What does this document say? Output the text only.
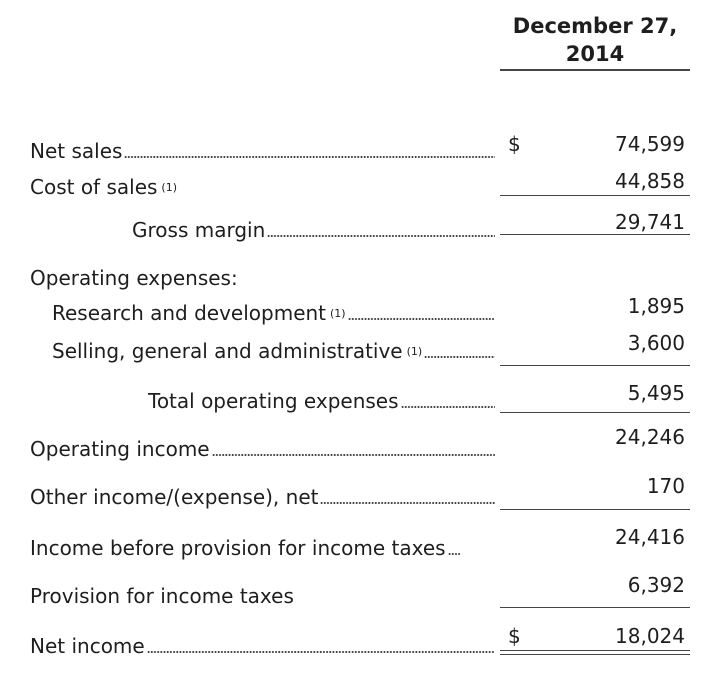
December 27,
2014
Net sales	$	74,599
Cost of sales $^{(1)}$	44,858
Gross margin	29,741
Operating expenses:
Research and development $^{(1)}$	1,895
Selling, general and administrative $^{(1)}$	3,600
Total operating expenses	5,495
Operating income	24,246
Other income/(expense), net	170
Income before provision for income taxes	24,416
Provision for income taxes	6,392
Net income	$	18,024
